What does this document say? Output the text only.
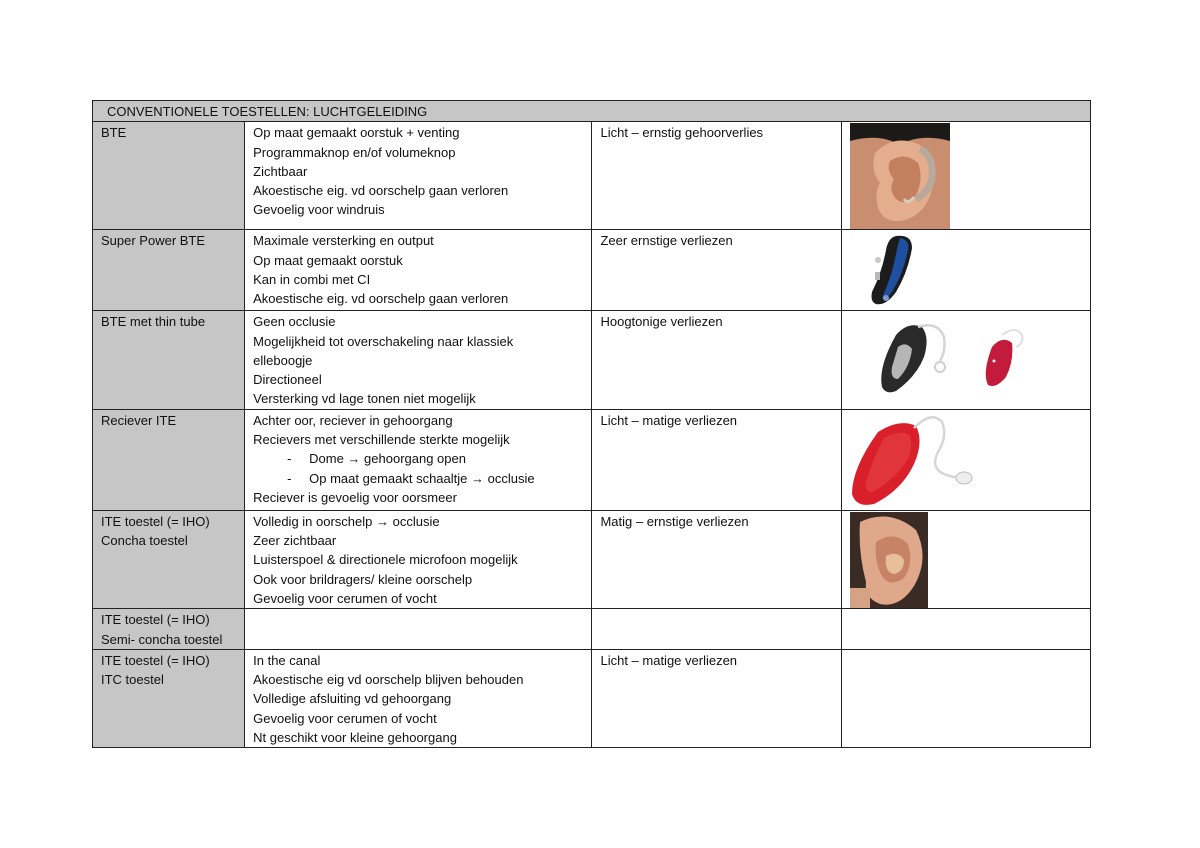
CONVENTIONELE TOESTELLEN: LUCHTGELEIDING			

BTE	Op maat gemaakt oorstuk + venting
Programmaknop en/of volumeknop
Zichtbaar
Akoestische eig. vd oorschelp gaan verloren
Gevoelig voor windruis	Licht – ernstig gehoorverlies

Super Power BTE	Maximale versterking en output
Op maat gemaakt oorstuk
Kan in combi met CI
Akoestische eig. vd oorschelp gaan verloren	Zeer ernstige verliezen

BTE met thin tube	Geen occlusie
Mogelijkheid tot overschakeling naar klassiek
elleboogje
Directioneel
Versterking vd lage tonen niet mogelijk	Hoogtonige verliezen

Reciever ITE	Achter oor, reciever in gehoorgang
Recievers met verschillende sterkte mogelijk
- Dome → gehoorgang open
- Op maat gemaakt schaaltje → occlusie
Reciever is gevoelig voor oorsmeer	Licht – matige verliezen

ITE toestel (= IHO)
Concha toestel	Volledig in oorschelp → occlusie
Zeer zichtbaar
Luisterspoel & directionele microfoon mogelijk
Ook voor brildragers/ kleine oorschelp
Gevoelig voor cerumen of vocht	Matig – ernstige verliezen

ITE toestel (= IHO)
Semi- concha toestel			

ITE toestel (= IHO)
ITC toestel	In the canal
Akoestische eig vd oorschelp blijven behouden
Volledige afsluiting vd gehoorgang
Gevoelig voor cerumen of vocht
Nt geschikt voor kleine gehoorgang	Licht – matige verliezen	
